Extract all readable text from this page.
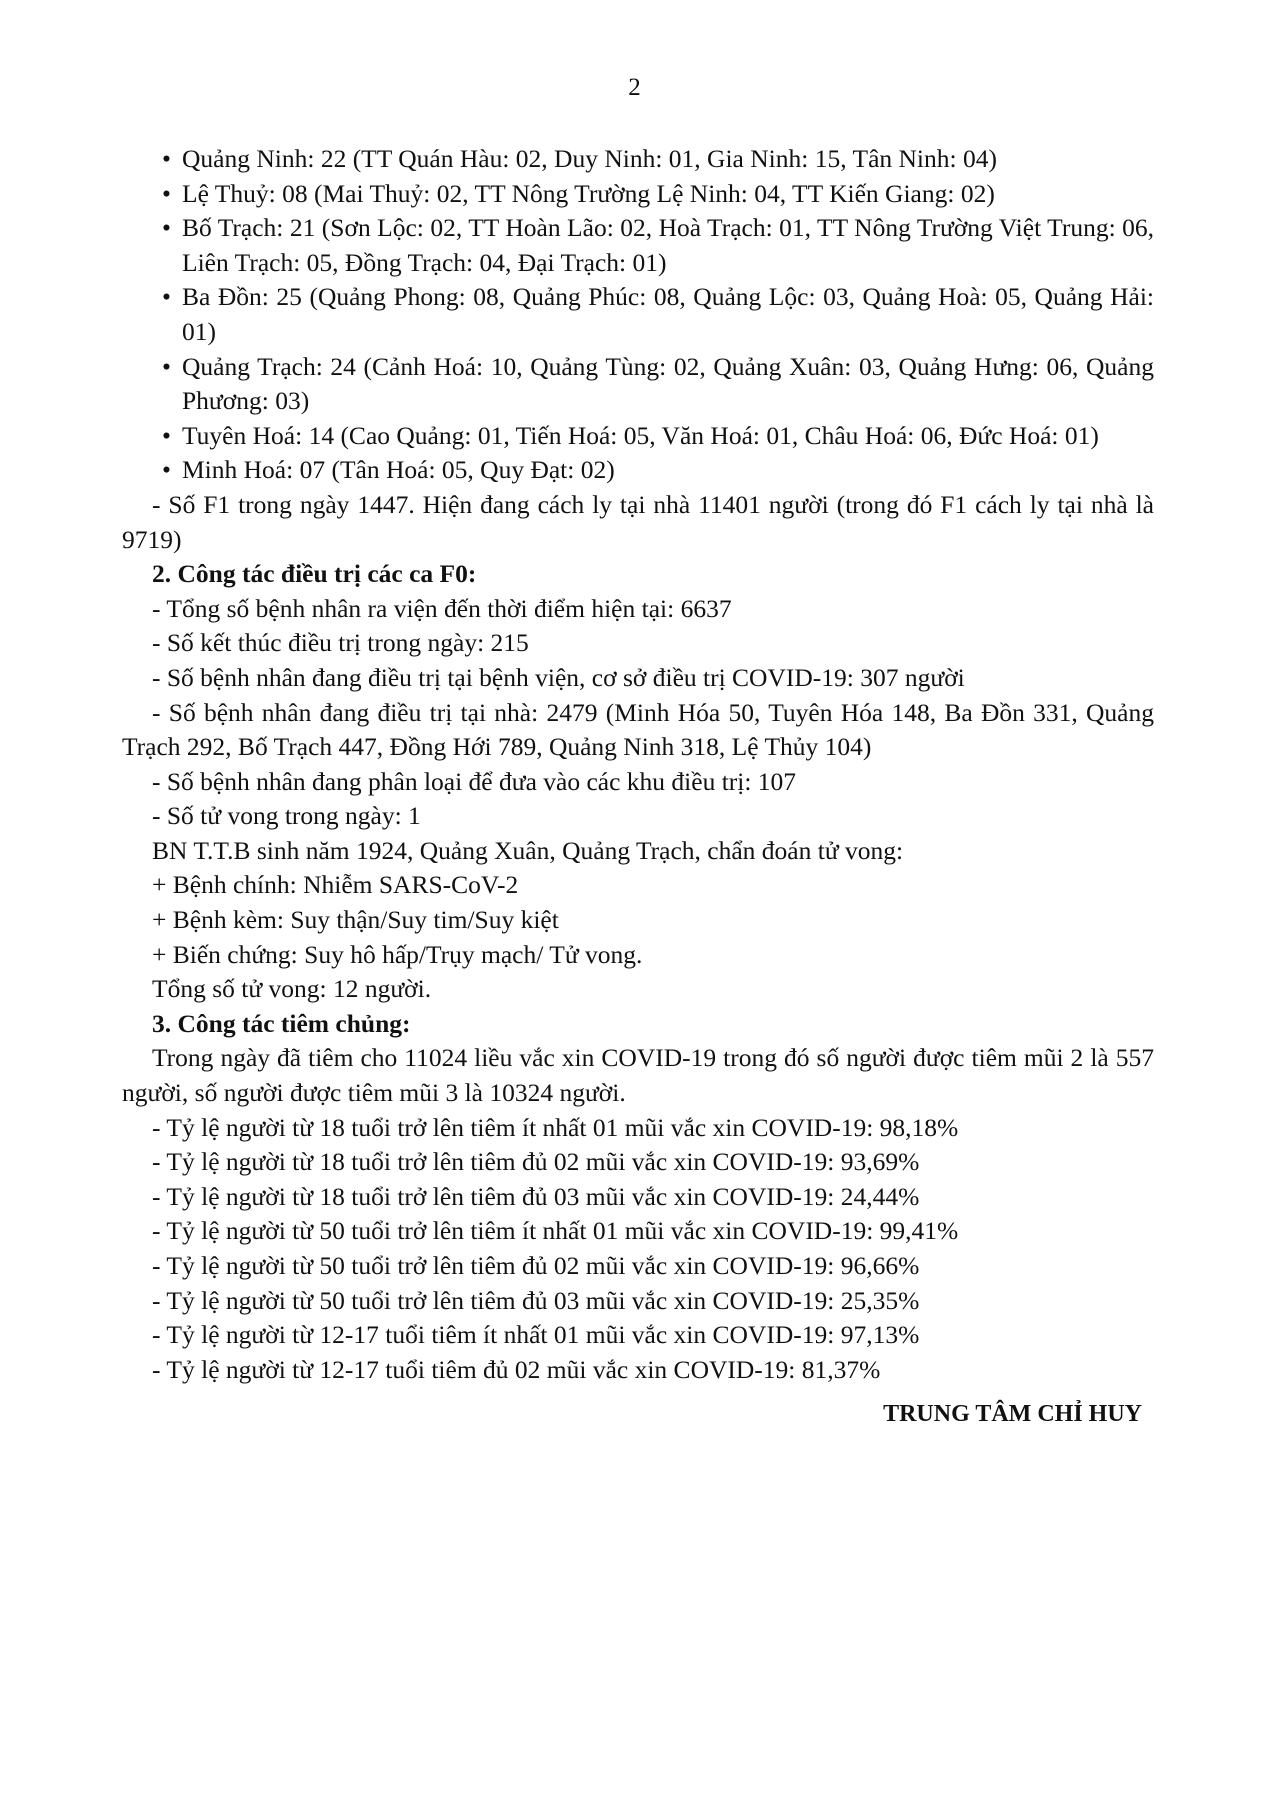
2
• Quảng Ninh: 22 (TT Quán Hàu: 02, Duy Ninh: 01, Gia Ninh: 15, Tân Ninh: 04)
• Lệ Thuỷ: 08 (Mai Thuỷ: 02, TT Nông Trường Lệ Ninh: 04, TT Kiến Giang: 02)
• Bố Trạch: 21 (Sơn Lộc: 02, TT Hoàn Lão: 02, Hoà Trạch: 01, TT Nông Trường Việt Trung: 06, Liên Trạch: 05, Đồng Trạch: 04, Đại Trạch: 01)
• Ba Đồn: 25 (Quảng Phong: 08, Quảng Phúc: 08, Quảng Lộc: 03, Quảng Hoà: 05, Quảng Hải: 01)
• Quảng Trạch: 24 (Cảnh Hoá: 10, Quảng Tùng: 02, Quảng Xuân: 03, Quảng Hưng: 06, Quảng Phương: 03)
• Tuyên Hoá: 14 (Cao Quảng: 01, Tiến Hoá: 05, Văn Hoá: 01, Châu Hoá: 06, Đức Hoá: 01)
• Minh Hoá: 07 (Tân Hoá: 05, Quy Đạt: 02)
- Số F1 trong ngày 1447. Hiện đang cách ly tại nhà 11401 người (trong đó F1 cách ly tại nhà là 9719)
2. Công tác điều trị các ca F0:
- Tổng số bệnh nhân ra viện đến thời điểm hiện tại: 6637
- Số kết thúc điều trị trong ngày: 215
- Số bệnh nhân đang điều trị tại bệnh viện, cơ sở điều trị COVID-19: 307 người
- Số bệnh nhân đang điều trị tại nhà: 2479 (Minh Hóa 50, Tuyên Hóa 148, Ba Đồn 331, Quảng Trạch 292, Bố Trạch 447, Đồng Hới 789, Quảng Ninh 318, Lệ Thủy 104)
- Số bệnh nhân đang phân loại để đưa vào các khu điều trị: 107
- Số tử vong trong ngày: 1
BN T.T.B sinh năm 1924, Quảng Xuân, Quảng Trạch, chẩn đoán tử vong:
+ Bệnh chính: Nhiễm SARS-CoV-2
+ Bệnh kèm: Suy thận/Suy tim/Suy kiệt
+ Biến chứng: Suy hô hấp/Trụy mạch/ Tử vong.
Tổng số tử vong: 12 người.
3. Công tác tiêm chủng:
Trong ngày đã tiêm cho 11024 liều vắc xin COVID-19 trong đó số người được tiêm mũi 2 là 557 người, số người được tiêm mũi 3 là 10324 người.
- Tỷ lệ người từ 18 tuổi trở lên tiêm ít nhất 01 mũi vắc xin COVID-19: 98,18%
- Tỷ lệ người từ 18 tuổi trở lên tiêm đủ 02 mũi vắc xin COVID-19: 93,69%
- Tỷ lệ người từ 18 tuổi trở lên tiêm đủ 03 mũi vắc xin COVID-19: 24,44%
- Tỷ lệ người từ 50 tuổi trở lên tiêm ít nhất 01 mũi vắc xin COVID-19: 99,41%
- Tỷ lệ người từ 50 tuổi trở lên tiêm đủ 02 mũi vắc xin COVID-19: 96,66%
- Tỷ lệ người từ 50 tuổi trở lên tiêm đủ 03 mũi vắc xin COVID-19: 25,35%
- Tỷ lệ người từ 12-17 tuổi tiêm ít nhất 01 mũi vắc xin COVID-19: 97,13%
- Tỷ lệ người từ 12-17 tuổi tiêm đủ 02 mũi vắc xin COVID-19: 81,37%
TRUNG TÂM CHỈ HUY
